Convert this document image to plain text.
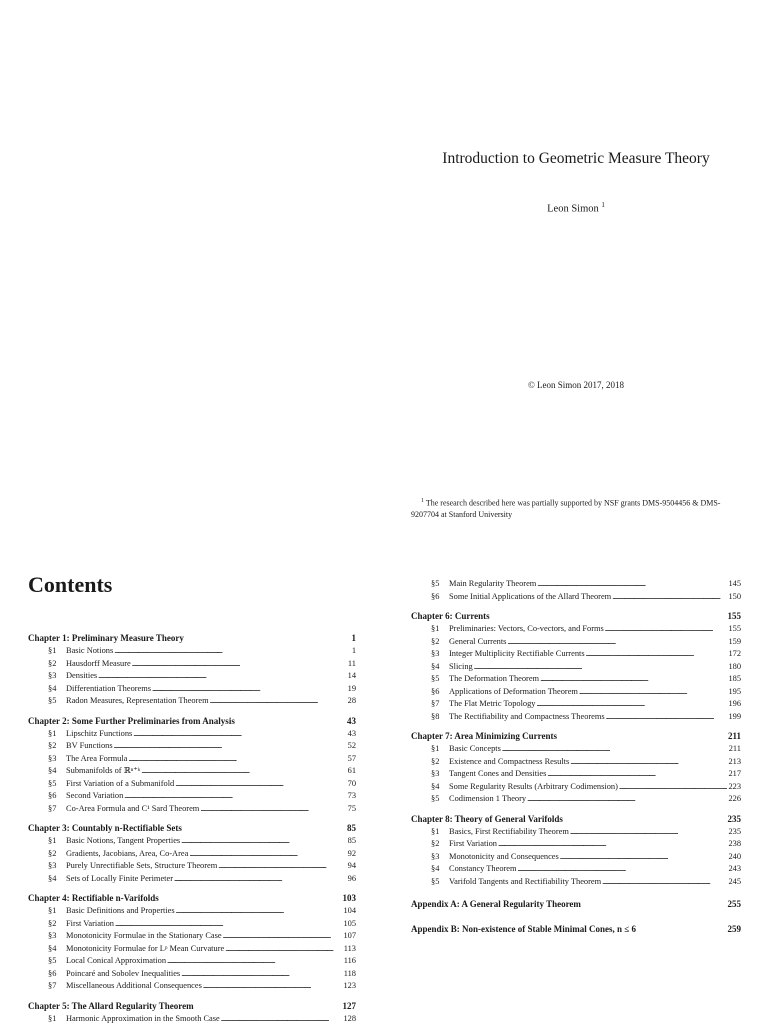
Introduction to Geometric Measure Theory
Leon Simon $^1$
© Leon Simon 2017, 2018
$^1$ The research described here was partially supported by NSF grants DMS-9504456 & DMS-9207704 at Stanford University
Contents
Chapter 1: Preliminary Measure Theory	1
§1	Basic Notions . . .	1
§2	Hausdorff Measure . . .	11
§3	Densities . . .	14
§4	Differentiation Theorems . . .	19
§5	Radon Measures, Representation Theorem . . .	28
Chapter 2: Some Further Preliminaries from Analysis	43
§1	Lipschitz Functions . . .	43
§2	BV Functions . . .	52
§3	The Area Formula . . .	57
§4	Submanifolds of ℝⁿ⁺ᵏ . . .	61
§5	First Variation of a Submanifold . . .	70
§6	Second Variation . . .	73
§7	Co-Area Formula and C¹ Sard Theorem . . .	75
Chapter 3: Countably n-Rectifiable Sets	85
§1	Basic Notions, Tangent Properties . . .	85
§2	Gradients, Jacobians, Area, Co-Area . . .	92
§3	Purely Unrectifiable Sets, Structure Theorem . . .	94
§4	Sets of Locally Finite Perimeter . . .	96
Chapter 4: Rectifiable n-Varifolds	103
§1	Basic Definitions and Properties . . .	104
§2	First Variation . . .	105
§3	Monotonicity Formulae in the Stationary Case . . .	107
§4	Monotonicity Formulae for Lᵖ Mean Curvature . . .	113
§5	Local Conical Approximation . . .	116
§6	Poincaré and Sobolev Inequalities . . .	118
§7	Miscellaneous Additional Consequences . . .	123
Chapter 5: The Allard Regularity Theorem	127
§1	Harmonic Approximation in the Smooth Case . . .	128
§5	Main Regularity Theorem . . .	145
§6	Some Initial Applications of the Allard Theorem . . .	150
Chapter 6: Currents	155
§1	Preliminaries: Vectors, Co-vectors, and Forms . . .	155
§2	General Currents . . .	159
§3	Integer Multiplicity Rectifiable Currents . . .	172
§4	Slicing . . .	180
§5	The Deformation Theorem . . .	185
§6	Applications of Deformation Theorem . . .	195
§7	The Flat Metric Topology . . .	196
§8	The Rectifiability and Compactness Theorems . . .	199
Chapter 7: Area Minimizing Currents	211
§1	Basic Concepts . . .	211
§2	Existence and Compactness Results . . .	213
§3	Tangent Cones and Densities . . .	217
§4	Some Regularity Results (Arbitrary Codimension) . . .	223
§5	Codimension 1 Theory . . .	226
Chapter 8: Theory of General Varifolds	235
§1	Basics, First Rectifiability Theorem . . .	235
§2	First Variation . . .	238
§3	Monotonicity and Consequences . . .	240
§4	Constancy Theorem . . .	243
§5	Varifold Tangents and Rectifiability Theorem . . .	245
Appendix A: A General Regularity Theorem	255
Appendix B: Non-existence of Stable Minimal Cones, n ≤ 6	259
